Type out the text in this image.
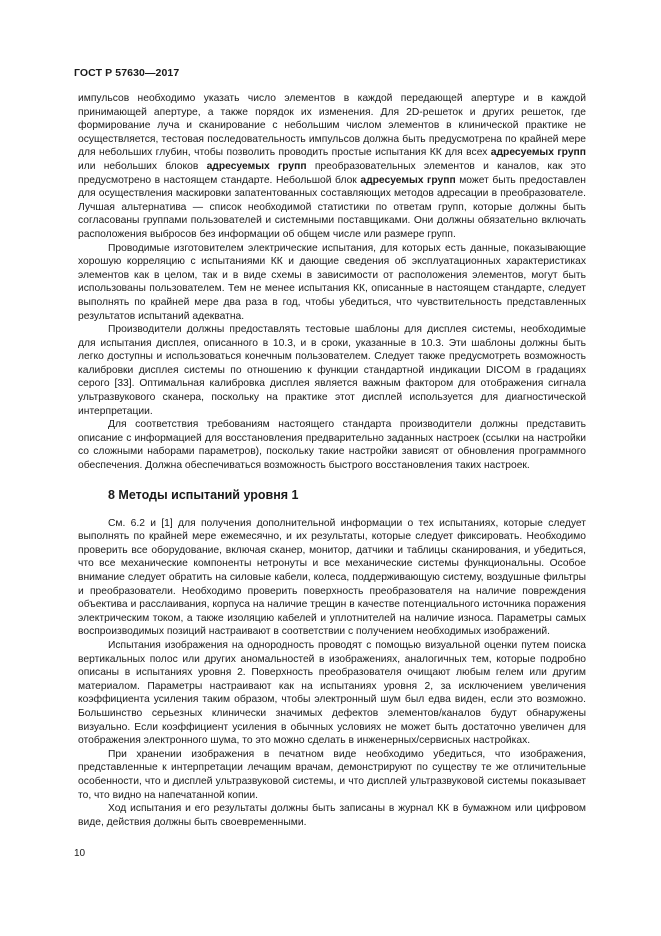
ГОСТ Р 57630—2017

импульсов необходимо указать число элементов в каждой передающей апертуре и в каждой принимающей апертуре, а также порядок их изменения. Для 2D-решеток и других решеток, где формирование луча и сканирование с небольшим числом элементов в клинической практике не осуществляется, тестовая последовательность импульсов должна быть предусмотрена по крайней мере для небольших глубин, чтобы позволить проводить простые испытания КК для всех адресуемых групп или небольших блоков адресуемых групп преобразовательных элементов и каналов, как это предусмотрено в настоящем стандарте. Небольшой блок адресуемых групп может быть предоставлен для осуществления маскировки запатентованных составляющих методов адресации в преобразователе. Лучшая альтернатива — список необходимой статистики по ответам групп, которые должны быть согласованы группами пользователей и системными поставщиками. Они должны обязательно включать расположения выбросов без информации об общем числе или размере групп.

Проводимые изготовителем электрические испытания, для которых есть данные, показывающие хорошую корреляцию с испытаниями КК и дающие сведения об эксплуатационных характеристиках элементов как в целом, так и в виде схемы в зависимости от расположения элементов, могут быть использованы пользователем. Тем не менее испытания КК, описанные в настоящем стандарте, следует выполнять по крайней мере два раза в год, чтобы убедиться, что чувствительность представленных результатов испытаний адекватна.

Производители должны предоставлять тестовые шаблоны для дисплея системы, необходимые для испытания дисплея, описанного в 10.3, и в сроки, указанные в 10.3. Эти шаблоны должны быть легко доступны и использоваться конечным пользователем. Следует также предусмотреть возможность калибровки дисплея системы по отношению к функции стандартной индикации DICOM в градациях серого [33]. Оптимальная калибровка дисплея является важным фактором для отображения сигнала ультразвукового сканера, поскольку на практике этот дисплей используется для диагностической интерпретации.

Для соответствия требованиям настоящего стандарта производители должны представить описание с информацией для восстановления предварительно заданных настроек (ссылки на настройки со сложными наборами параметров), поскольку такие настройки зависят от обновления программного обеспечения. Должна обеспечиваться возможность быстрого восстановления таких настроек.

8 Методы испытаний уровня 1

См. 6.2 и [1] для получения дополнительной информации о тех испытаниях, которые следует выполнять по крайней мере ежемесячно, и их результаты, которые следует фиксировать. Необходимо проверить все оборудование, включая сканер, монитор, датчики и таблицы сканирования, и убедиться, что все механические компоненты нетронуты и все механические системы функциональны. Особое внимание следует обратить на силовые кабели, колеса, поддерживающую систему, воздушные фильтры и преобразователи. Необходимо проверить поверхность преобразователя на наличие повреждения объектива и расслаивания, корпуса на наличие трещин в качестве потенциального источника поражения электрическим током, а также изоляцию кабелей и уплотнителей на наличие износа. Параметры самых воспроизводимых позиций настраивают в соответствии с получением необходимых изображений.

Испытания изображения на однородность проводят с помощью визуальной оценки путем поиска вертикальных полос или других аномальностей в изображениях, аналогичных тем, которые подробно описаны в испытаниях уровня 2. Поверхность преобразователя очищают любым гелем или другим материалом. Параметры настраивают как на испытаниях уровня 2, за исключением увеличения коэффициента усиления таким образом, чтобы электронный шум был едва виден, если это возможно. Большинство серьезных клинически значимых дефектов элементов/каналов будут обнаружены визуально. Если коэффициент усиления в обычных условиях не может быть достаточно увеличен для отображения электронного шума, то это можно сделать в инженерных/сервисных настройках.

При хранении изображения в печатном виде необходимо убедиться, что изображения, представленные к интерпретации лечащим врачам, демонстрируют по существу те же отличительные особенности, что и дисплей ультразвуковой системы, и что дисплей ультразвуковой системы показывает то, что видно на напечатанной копии.

Ход испытания и его результаты должны быть записаны в журнал КК в бумажном или цифровом виде, действия должны быть своевременными.

10
